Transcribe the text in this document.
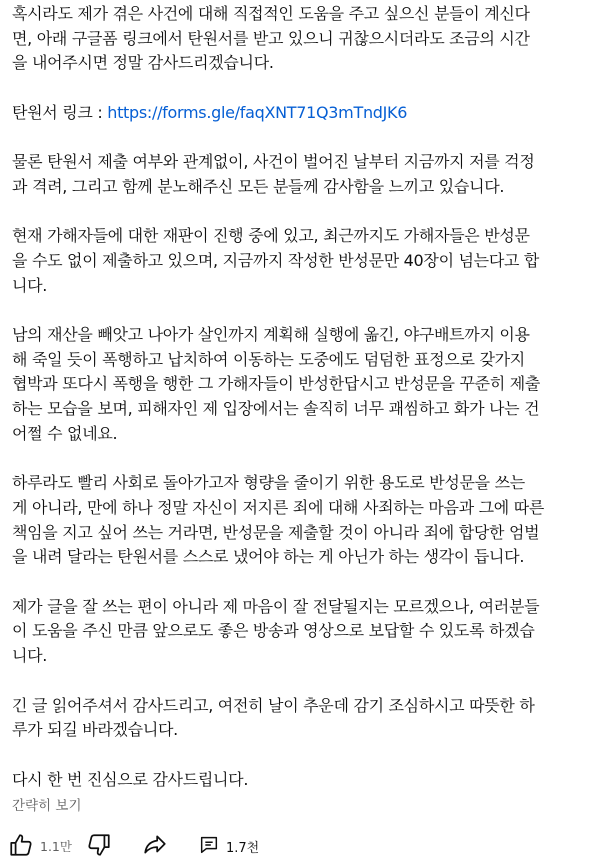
혹시라도 제가 겪은 사건에 대해 직접적인 도움을 주고 싶으신 분들이 계신다
면, 아래 구글폼 링크에서 탄원서를 받고 있으니 귀찮으시더라도 조금의 시간
을 내어주시면 정말 감사드리겠습니다.
탄원서 링크 : https://forms.gle/faqXNT71Q3mTndJK6
물론 탄원서 제출 여부와 관계없이, 사건이 벌어진 날부터 지금까지 저를 걱정
과 격려, 그리고 함께 분노해주신 모든 분들께 감사함을 느끼고 있습니다.
현재 가해자들에 대한 재판이 진행 중에 있고, 최근까지도 가해자들은 반성문
을 수도 없이 제출하고 있으며, 지금까지 작성한 반성문만 40장이 넘는다고 합
니다.
남의 재산을 빼앗고 나아가 살인까지 계획해 실행에 옮긴, 야구배트까지 이용
해 죽일 듯이 폭행하고 납치하여 이동하는 도중에도 덤덤한 표정으로 갖가지
협박과 또다시 폭행을 행한 그 가해자들이 반성한답시고 반성문을 꾸준히 제출
하는 모습을 보며, 피해자인 제 입장에서는 솔직히 너무 괘씸하고 화가 나는 건
어쩔 수 없네요.
하루라도 빨리 사회로 돌아가고자 형량을 줄이기 위한 용도로 반성문을 쓰는
게 아니라, 만에 하나 정말 자신이 저지른 죄에 대해 사죄하는 마음과 그에 따른
책임을 지고 싶어 쓰는 거라면, 반성문을 제출할 것이 아니라 죄에 합당한 엄벌
을 내려 달라는 탄원서를 스스로 냈어야 하는 게 아닌가 하는 생각이 듭니다.
제가 글을 잘 쓰는 편이 아니라 제 마음이 잘 전달될지는 모르겠으나, 여러분들
이 도움을 주신 만큼 앞으로도 좋은 방송과 영상으로 보답할 수 있도록 하겠습
니다.
긴 글 읽어주셔서 감사드리고, 여전히 날이 추운데 감기 조심하시고 따뜻한 하
루가 되길 바라겠습니다.
다시 한 번 진심으로 감사드립니다.
간략히 보기
1.1만	1.7천
